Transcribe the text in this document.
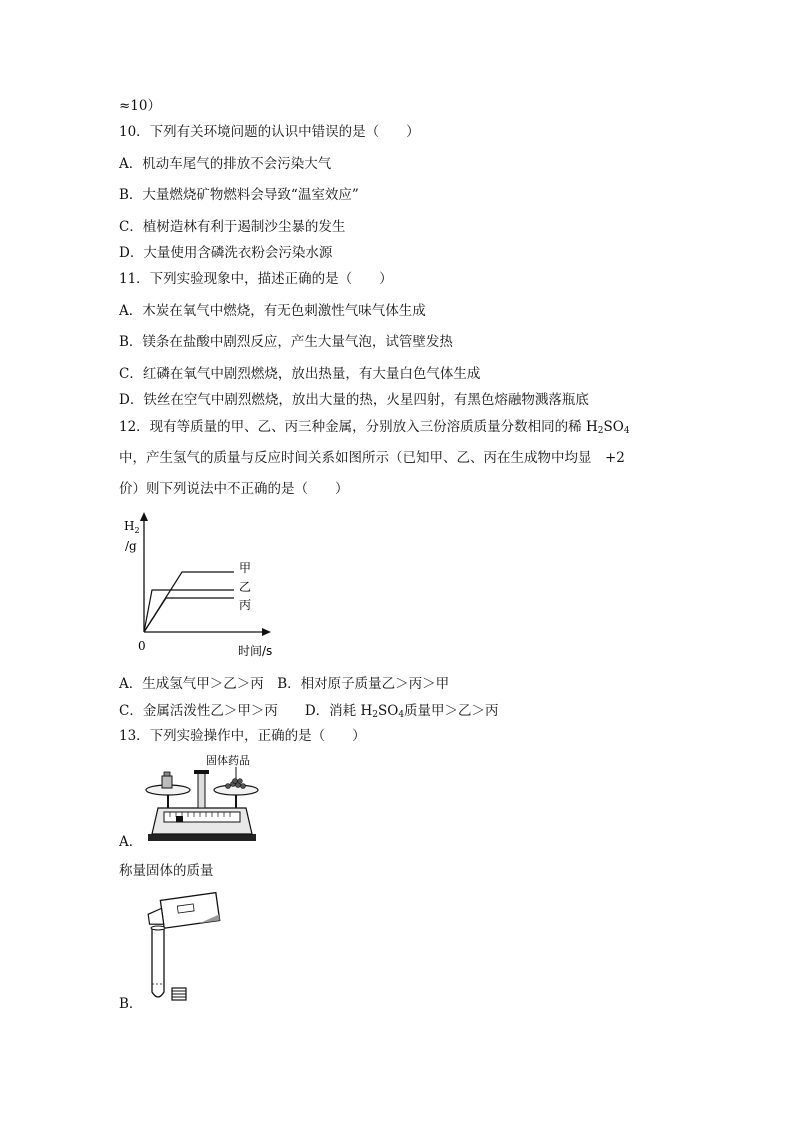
≈10）
10．下列有关环境问题的认识中错误的是（　　）
A．机动车尾气的排放不会污染大气
B．大量燃烧矿物燃料会导致“温室效应”
C．植树造林有利于遏制沙尘暴的发生
D．大量使用含磷洗衣粉会污染水源
11．下列实验现象中，描述正确的是（　　）
A．木炭在氧气中燃烧，有无色刺激性气味气体生成
B．镁条在盐酸中剧烈反应，产生大量气泡，试管壁发热
C．红磷在氧气中剧烈燃烧，放出热量，有大量白色气体生成
D．铁丝在空气中剧烈燃烧，放出大量的热，火星四射，有黑色熔融物溅落瓶底
12．现有等质量的甲、乙、丙三种金属，分别放入三份溶质质量分数相同的稀 $H_2SO_4$
中，产生氢气的质量与反应时间关系如图所示（已知甲、乙、丙在生成物中均显　+2
价）则下列说法中不正确的是（　　）
$H_2$
/g
0	时间/s
甲
乙
丙
A．生成氢气甲＞乙＞丙　B．相对原子质量乙＞丙＞甲
C．金属活泼性乙＞甲＞丙　　D．消耗 $H_2SO_4$质量甲＞乙＞丙
13．下列实验操作中，正确的是（　　）
固体药品
A．
称量固体的质量
B．
